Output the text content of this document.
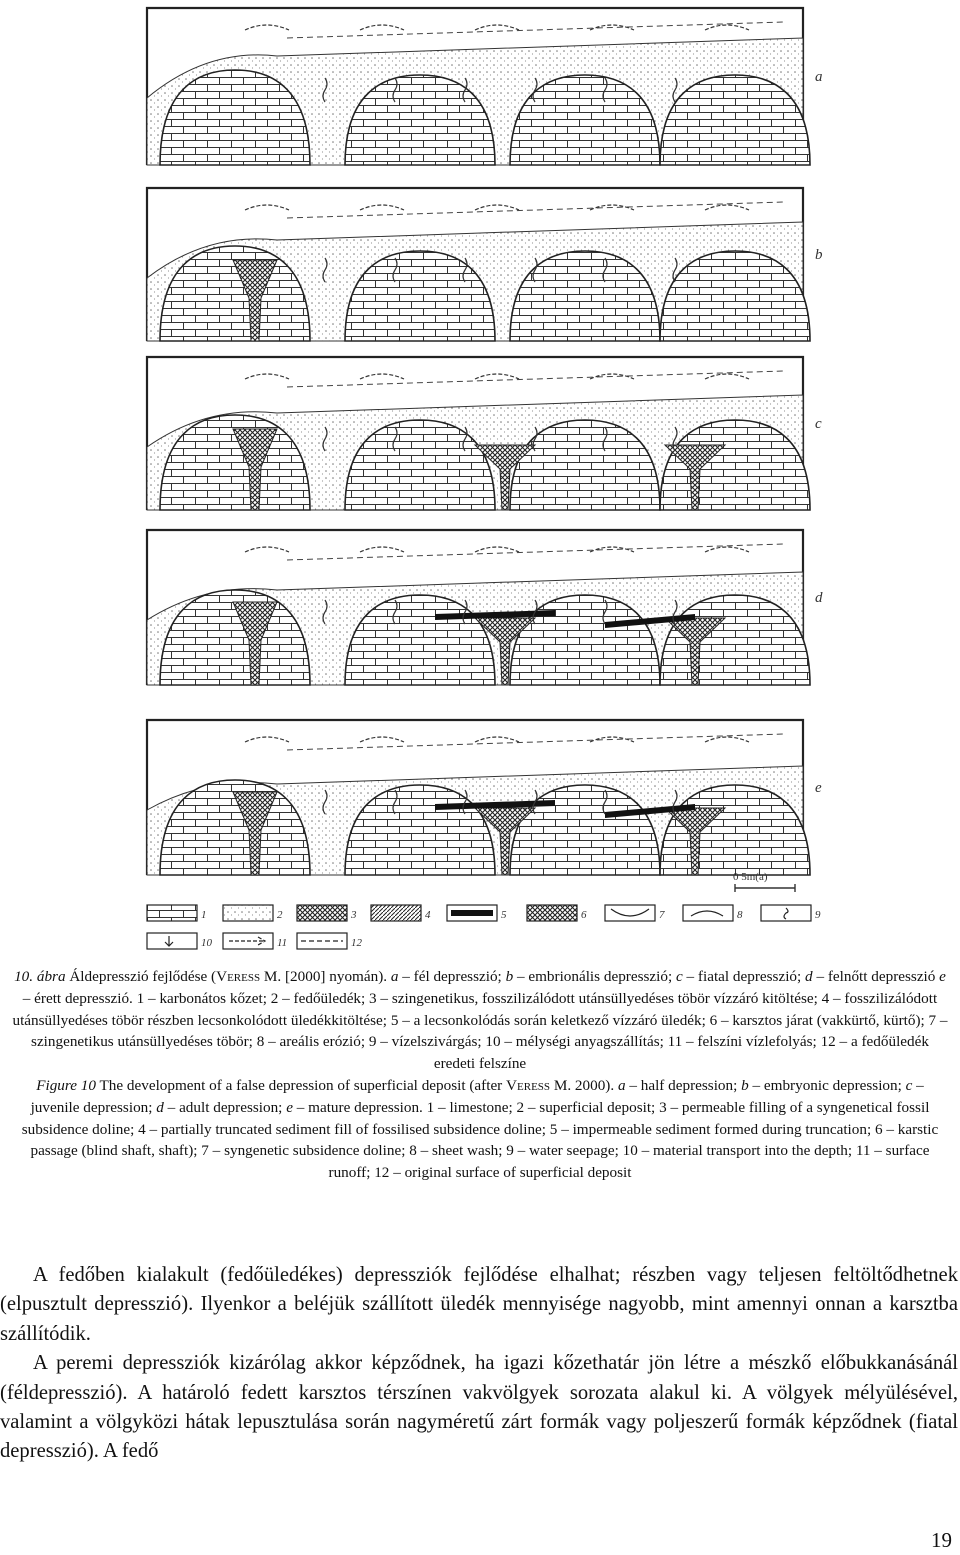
a
b
c
d
e
0 5m(a)
1	2	3	4	5	6	7	8	9
10	11	12

10. ábra Áldepresszió fejlődése (Veress M. [2000] nyomán). a – fél depresszió; b – embrionális depresszió; c – fiatal depresszió; d – felnőtt depresszió e – érett depresszió. 1 – karbonátos kőzet; 2 – fedőüledék; 3 – szingenetikus, fosszilizálódott utánsüllyedéses töbör vízzáró kitöltése; 4 – fosszilizálódott utánsüllyedéses töbör részben lecsonkolódott üledékkitöltése; 5 – a lecsonkolódás során keletkező vízzáró üledék; 6 – karsztos járat (vakkürtő, kürtő); 7 – szingenetikus utánsüllyedéses töbör; 8 – areális erózió; 9 – vízelszivárgás; 10 – mélységi anyagszállítás; 11 – felszíni vízlefolyás; 12 – a fedőüledék eredeti felszíne

Figure 10 The development of a false depression of superficial deposit (after Veress M. 2000). a – half depression; b – embryonic depression; c – juvenile depression; d – adult depression; e – mature depression. 1 – limestone; 2 – superficial deposit; 3 – permeable filling of a syngenetical fossil subsidence doline; 4 – partially truncated sediment fill of fossilised subsidence doline; 5 – impermeable sediment formed during truncation; 6 – karstic passage (blind shaft, shaft); 7 – syngenetic subsidence doline; 8 – sheet wash; 9 – water seepage; 10 – material transport into the depth; 11 – surface runoff; 12 – original surface of superficial deposit

A fedőben kialakult (fedőüledékes) depressziók fejlődése elhalhat; részben vagy teljesen feltöltődhetnek (elpusztult depresszió). Ilyenkor a beléjük szállított üledék mennyisége nagyobb, mint amennyi onnan a karsztba szállítódik.

A peremi depressziók kizárólag akkor képződnek, ha igazi kőzethatár jön létre a mészkő előbukkanásánál (féldepresszió). A határoló fedett karsztos térszínen vakvölgyek sorozata alakul ki. A völgyek mélyülésével, valamint a völgyközi hátak lepusztulása során nagyméretű zárt formák vagy poljeszerű formák képződnek (fiatal depresszió). A fedő

19
